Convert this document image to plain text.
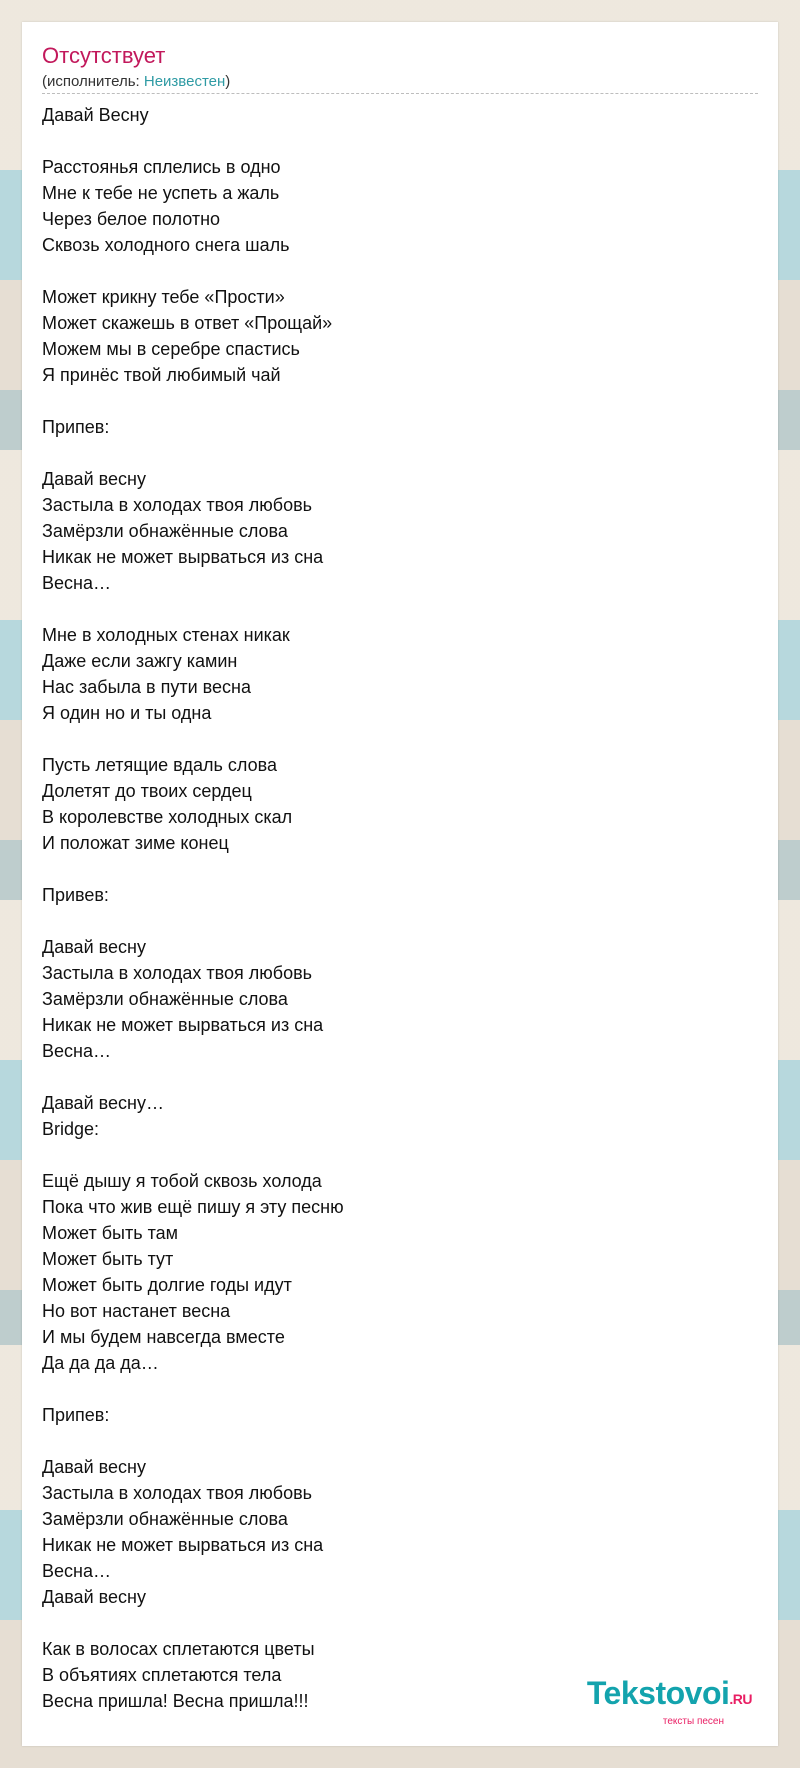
Отсутствует
(исполнитель: Неизвестен)
Давай Весну
Расстоянья сплелись в одно
Мне к тебе не успеть а жаль
Через белое полотно
Сквозь холодного снега шаль
Может крикну тебе «Прости»
Может скажешь в ответ «Прощай»
Можем мы в серебре спастись
Я принёс твой любимый чай
Припев:
Давай весну
Застыла в холодах твоя любовь
Замёрзли обнажённые слова
Никак не может вырваться из сна
Весна…
Мне в холодных стенах никак
Даже если зажгу камин
Нас забыла в пути весна
Я один но и ты одна
Пусть летящие вдаль слова
Долетят до твоих сердец
В королевстве холодных скал
И положат зиме конец
Привев:
Давай весну
Застыла в холодах твоя любовь
Замёрзли обнажённые слова
Никак не может вырваться из сна
Весна…
Давай весну…
Bridge:
Ещё дышу я тобой сквозь холода
Пока что жив ещё пишу я эту песню
Может быть там
Может быть тут
Может быть долгие годы идут
Но вот настанет весна
И мы будем навсегда вместе
Да да да да…
Припев:
Давай весну
Застыла в холодах твоя любовь
Замёрзли обнажённые слова
Никак не может вырваться из сна
Весна…
Давай весну
Как в волосах сплетаются цветы
В объятиях сплетаются тела
Весна пришла! Весна пришла!!!	Tekstovoi.RU
тексты песен
